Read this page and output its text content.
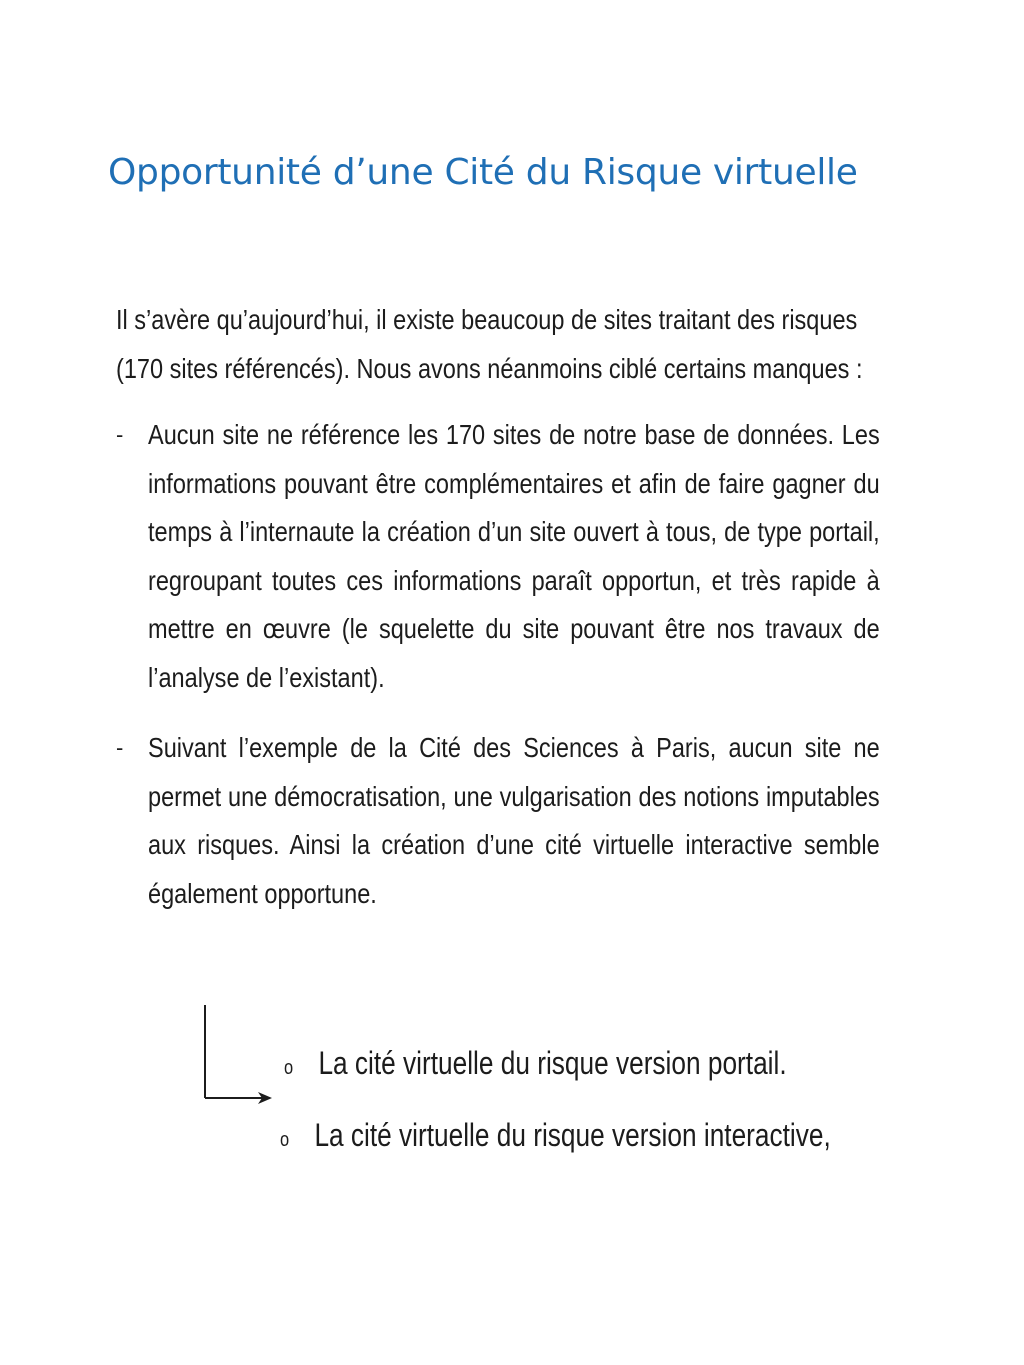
Opportunité d’une Cité du Risque virtuelle

Il s’avère qu’aujourd’hui, il existe beaucoup de sites traitant des risques (170 sites référencés). Nous avons néanmoins ciblé certains manques :

- Aucun site ne référence les 170 sites de notre base de données. Les informations pouvant être complémentaires et afin de faire gagner du temps à l’internaute la création d’un site ouvert à tous, de type portail, regroupant toutes ces informations paraît opportun, et très rapide à mettre en œuvre (le squelette du site pouvant être nos travaux de l’analyse de l’existant).
- Suivant l’exemple de la Cité des Sciences à Paris, aucun site ne permet une démocratisation, une vulgarisation des notions imputables aux risques. Ainsi la création d’une cité virtuelle interactive semble également opportune.
o La cité virtuelle du risque version portail.
o La cité virtuelle du risque version interactive,
